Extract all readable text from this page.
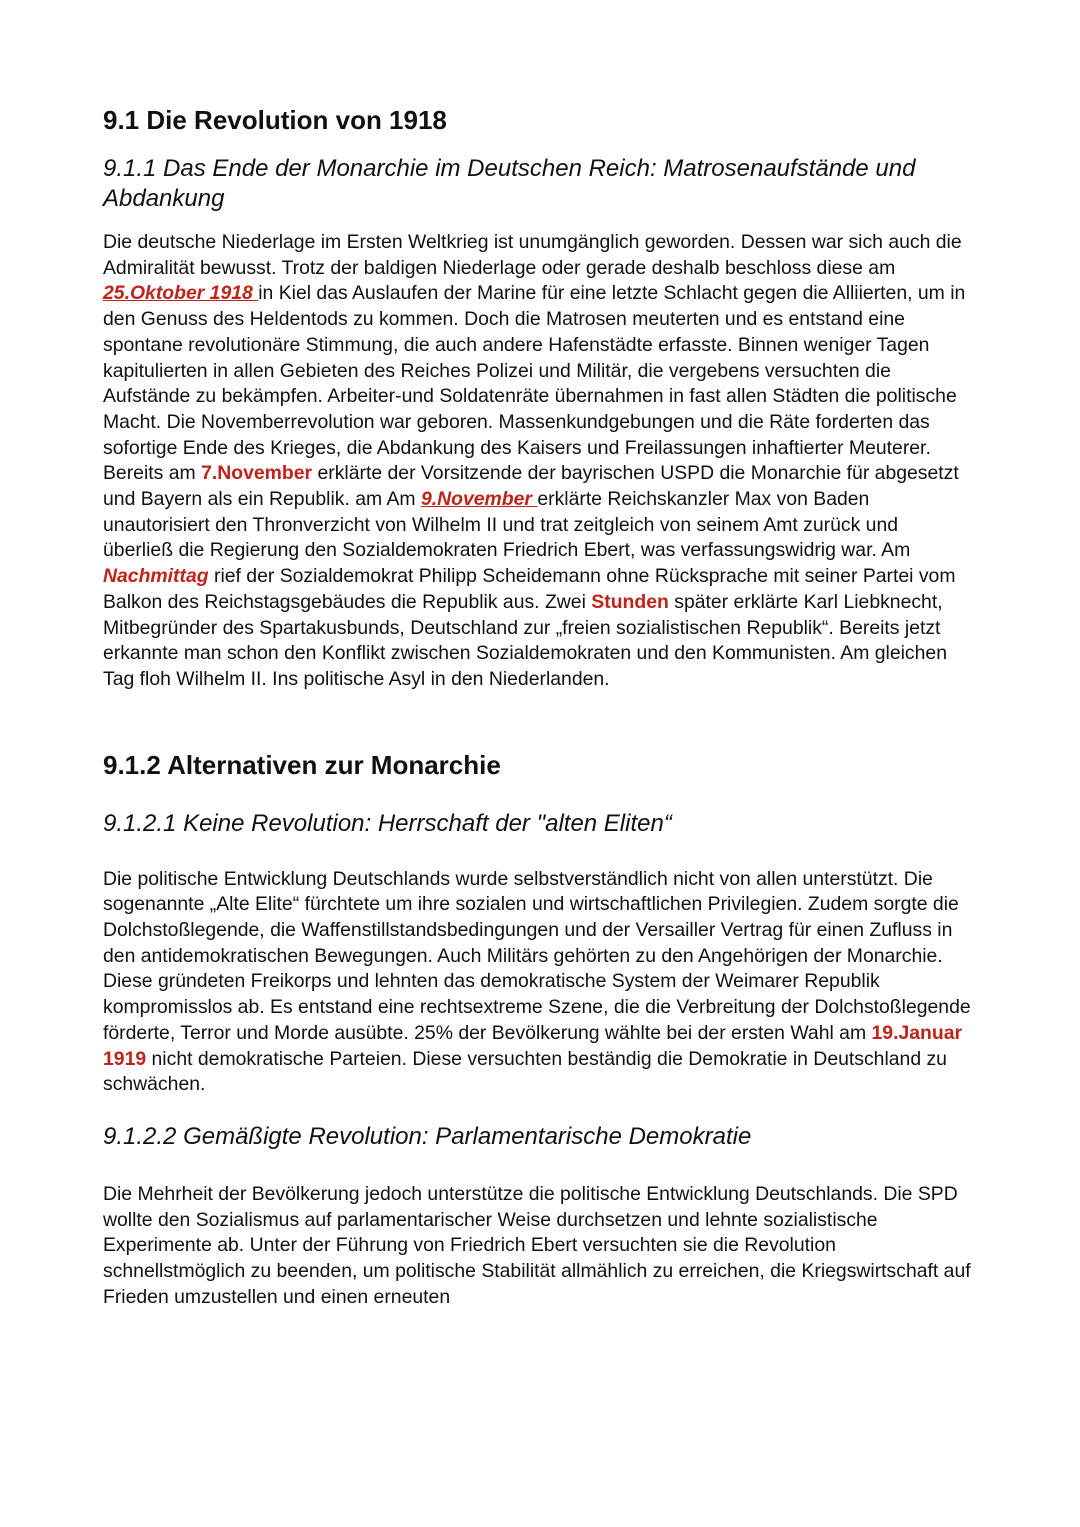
9.1 Die Revolution von 1918
9.1.1 Das Ende der Monarchie im Deutschen Reich: Matrosenaufstände und Abdankung

Die deutsche Niederlage im Ersten Weltkrieg ist unumgänglich geworden. Dessen war sich auch die Admiralität bewusst. Trotz der baldigen Niederlage oder gerade deshalb beschloss diese am 25.Oktober 1918 in Kiel das Auslaufen der Marine für eine letzte Schlacht gegen die Alliierten, um in den Genuss des Heldentods zu kommen. Doch die Matrosen meuterten und es entstand eine spontane revolutionäre Stimmung, die auch andere Hafenstädte erfasste. Binnen weniger Tagen kapitulierten in allen Gebieten des Reiches Polizei und Militär, die vergebens versuchten die Aufstände zu bekämpfen. Arbeiter-und Soldatenräte übernahmen in fast allen Städten die politische Macht. Die Novemberrevolution war geboren. Massenkundgebungen und die Räte forderten das sofortige Ende des Krieges, die Abdankung des Kaisers und Freilassungen inhaftierter Meuterer. Bereits am 7.November erklärte der Vorsitzende der bayrischen USPD die Monarchie für abgesetzt und Bayern als ein Republik. am Am 9.November erklärte Reichskanzler Max von Baden unautorisiert den Thronverzicht von Wilhelm II und trat zeitgleich von seinem Amt zurück und überließ die Regierung den Sozialdemokraten Friedrich Ebert, was verfassungswidrig war. Am Nachmittag rief der Sozialdemokrat Philipp Scheidemann ohne Rücksprache mit seiner Partei vom Balkon des Reichstagsgebäudes die Republik aus. Zwei Stunden später erklärte Karl Liebknecht, Mitbegründer des Spartakusbunds, Deutschland zur „freien sozialistischen Republik“. Bereits jetzt erkannte man schon den Konflikt zwischen Sozialdemokraten und den Kommunisten. Am gleichen Tag floh Wilhelm II. Ins politische Asyl in den Niederlanden.

9.1.2 Alternativen zur Monarchie
9.1.2.1 Keine Revolution: Herrschaft der "alten Eliten“

Die politische Entwicklung Deutschlands wurde selbstverständlich nicht von allen unterstützt. Die sogenannte „Alte Elite“ fürchtete um ihre sozialen und wirtschaftlichen Privilegien. Zudem sorgte die Dolchstoßlegende, die Waffenstillstandsbedingungen und der Versailler Vertrag für einen Zufluss in den antidemokratischen Bewegungen. Auch Militärs gehörten zu den Angehörigen der Monarchie. Diese gründeten Freikorps und lehnten das demokratische System der Weimarer Republik kompromisslos ab. Es entstand eine rechtsextreme Szene, die die Verbreitung der Dolchstoßlegende förderte, Terror und Morde ausübte. 25% der Bevölkerung wählte bei der ersten Wahl am 19.Januar 1919 nicht demokratische Parteien. Diese versuchten beständig die Demokratie in Deutschland zu schwächen.

9.1.2.2 Gemäßigte Revolution: Parlamentarische Demokratie

Die Mehrheit der Bevölkerung jedoch unterstütze die politische Entwicklung Deutschlands. Die SPD wollte den Sozialismus auf parlamentarischer Weise durchsetzen und lehnte sozialistische Experimente ab. Unter der Führung von Friedrich Ebert versuchten sie die Revolution schnellstmöglich zu beenden, um politische Stabilität allmählich zu erreichen, die Kriegswirtschaft auf Frieden umzustellen und einen erneuten
